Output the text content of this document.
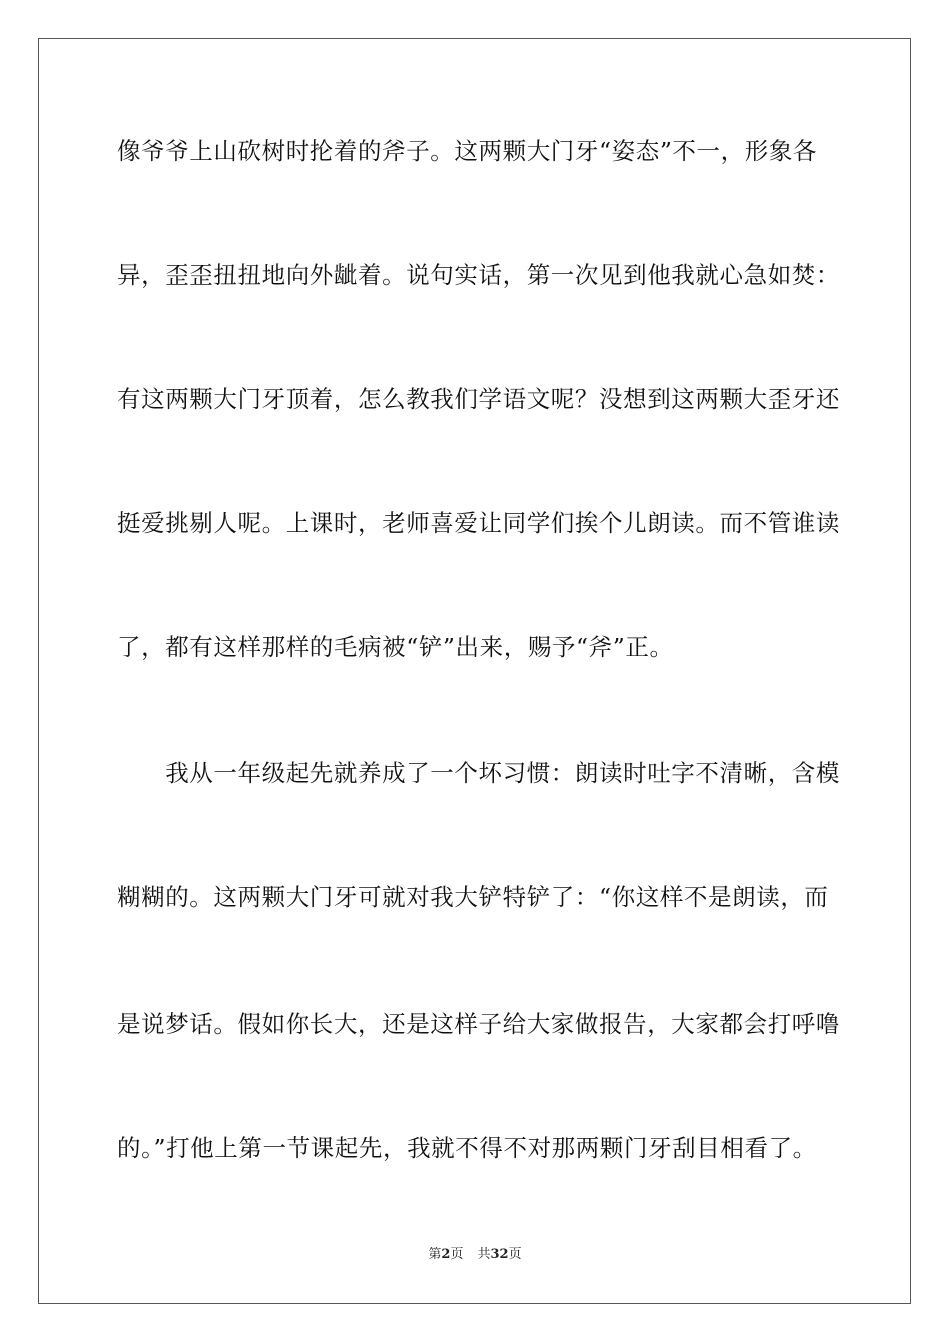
像爷爷上山砍树时抡着的斧子。这两颗大门牙“姿态”不一，形象各
异，歪歪扭扭地向外龇着。说句实话，第一次见到他我就心急如焚：
有这两颗大门牙顶着，怎么教我们学语文呢？没想到这两颗大歪牙还
挺爱挑剔人呢。上课时，老师喜爱让同学们挨个儿朗读。而不管谁读
了，都有这样那样的毛病被“铲”出来，赐予“斧”正。
　　我从一年级起先就养成了一个坏习惯：朗读时吐字不清晰，含模
糊糊的。这两颗大门牙可就对我大铲特铲了：“你这样不是朗读，而
是说梦话。假如你长大，还是这样子给大家做报告，大家都会打呼噜
的。”打他上第一节课起先，我就不得不对那两颗门牙刮目相看了。
第2页 共32页
